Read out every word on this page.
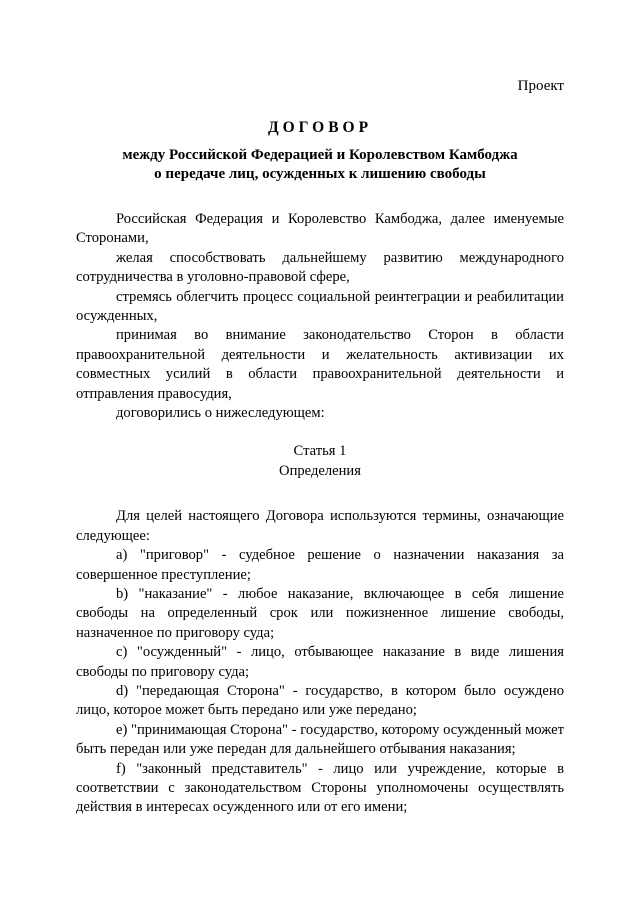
Проект
ДОГОВОР
между Российской Федерацией и Королевством Камбоджа
о передаче лиц, осужденных к лишению свободы

Российская Федерация и Королевство Камбоджа, далее именуемые Сторонами,

желая способствовать дальнейшему развитию международного сотрудничества в уголовно-правовой сфере,

стремясь облегчить процесс социальной реинтеграции и реабилитации осужденных,

принимая во внимание законодательство Сторон в области правоохранительной деятельности и желательность активизации их совместных усилий в области правоохранительной деятельности и отправления правосудия,

договорились о нижеследующем:

Статья 1
Определения

Для целей настоящего Договора используются термины, означающие следующее:

а) "приговор" - судебное решение о назначении наказания за совершенное преступление;

b) "наказание" - любое наказание, включающее в себя лишение свободы на определенный срок или пожизненное лишение свободы, назначенное по приговору суда;

с) "осужденный" - лицо, отбывающее наказание в виде лишения свободы по приговору суда;

d) "передающая Сторона" - государство, в котором было осуждено лицо, которое может быть передано или уже передано;

е) "принимающая Сторона" - государство, которому осужденный может быть передан или уже передан для дальнейшего отбывания наказания;

f) "законный представитель" - лицо или учреждение, которые в соответствии с законодательством Стороны уполномочены осуществлять действия в интересах осужденного или от его имени;
